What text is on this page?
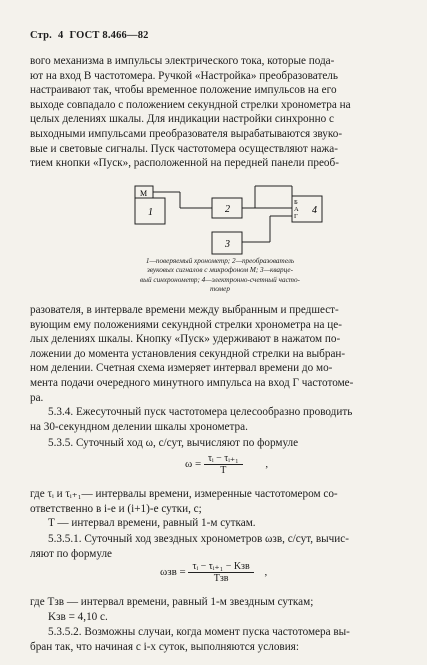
Стр. 4 ГОСТ 8.466—82
вого механизма в импульсы электрического тока, которые пода-
ют на вход В частотомера. Ручкой «Настройка» преобразователь
настраивают так, чтобы временное положение импульсов на его
выходе совпадало с положением секундной стрелки хронометра на
целых делениях шкалы. Для индикации настройки синхронно с
выходными импульсами преобразователя вырабатываются звуко-
вые и световые сигналы. Пуск частотомера осуществляют нажа-
тием кнопки «Пуск», расположенной на передней панели преоб-
М
1	2
3
4
Б
А
Г
1—поверяемый хронометр; 2—преобразователь
звуковых сигналов с микрофоном М; 3—кварце-
вый синхронометр; 4—электронно-счетный часто-
томер
разователя, в интервале времени между выбранным и предшест-
вующим ему положениями секундной стрелки хронометра на це-
лых делениях шкалы. Кнопку «Пуск» удерживают в нажатом по-
ложении до момента установления секундной стрелки на выбран-
ном делении. Счетная схема измеряет интервал времени до мо-
мента подачи очередного минутного импульса на вход Г частотоме-
ра.
5.3.4. Ежесуточный пуск частотомера целесообразно проводить
на 30-секундном делении шкалы хронометра.
5.3.5. Суточный ход ω, с/сут, вычисляют по формуле
$\omega = \frac{\text{τᵢ − τᵢ₊₁}}{T}$ ,
где τᵢ и τᵢ₊₁— интервалы времени, измеренные частотомером со-
ответственно в i-е и (i+1)-е сутки, с;
T — интервал времени, равный 1-м суткам.
5.3.5.1. Суточный ход звездных хронометров ωзв, с/сут, вычис-
ляют по формуле
$\omega зв = \frac{\text{τᵢ − τᵢ₊₁ − Kзв}}{\text{Tзв}}$ ,
где Tзв — интервал времени, равный 1-м звездным суткам;
Kзв = 4,10 с.
5.3.5.2. Возможны случаи, когда момент пуска частотомера вы-
бран так, что начиная с i-х суток, выполняются условия:
